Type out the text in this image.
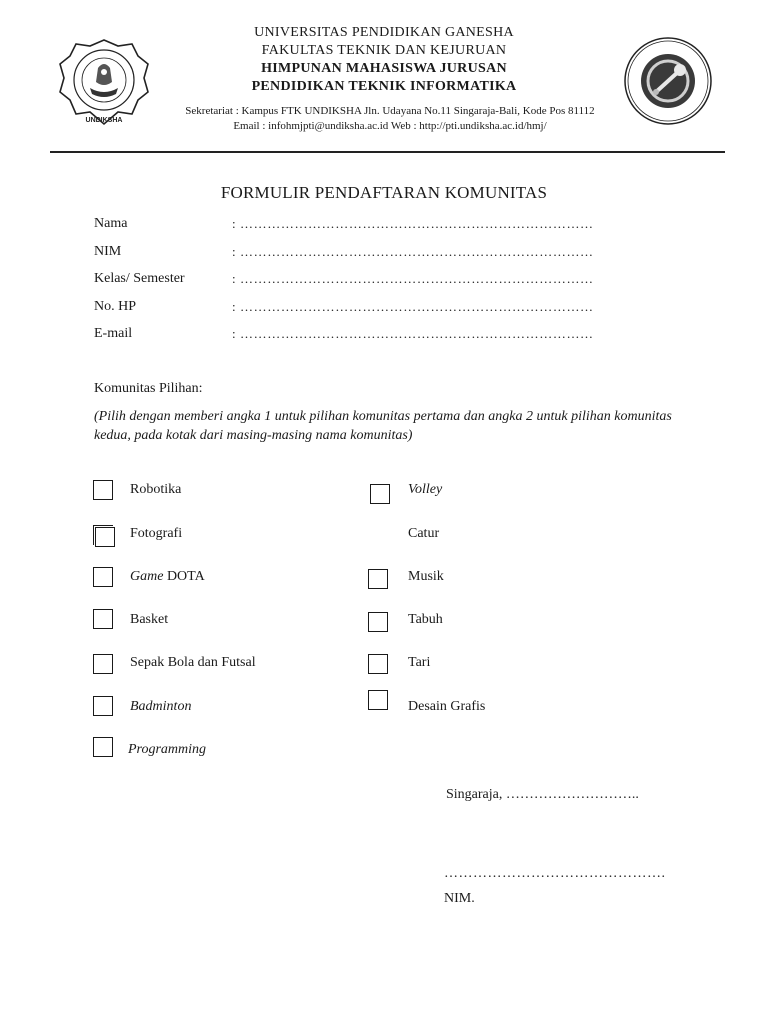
UNDIKSHA
UNIVERSITAS PENDIDIKAN GANESHA
FAKULTAS TEKNIK DAN KEJURUAN
HIMPUNAN MAHASISWA JURUSAN
PENDIDIKAN TEKNIK INFORMATIKA
Sekretariat : Kampus FTK UNDIKSHA Jln. Udayana No.11 Singaraja-Bali, Kode Pos 81112
Email : infohmjpti@undiksha.ac.id Web : http://pti.undiksha.ac.id/hmj/
FORMULIR PENDAFTARAN KOMUNITAS
Nama	: ……………………………………………………………………
NIM	: ……………………………………………………………………
Kelas/ Semester	: ……………………………………………………………………
No. HP	: ……………………………………………………………………
E-mail	: ……………………………………………………………………
Komunitas Pilihan:
(Pilih dengan memberi angka 1 untuk pilihan komunitas pertama dan angka 2 untuk pilihan komunitas kedua, pada kotak dari masing-masing nama komunitas)
Robotika
Fotografi
Game DOTA
Basket
Sepak Bola dan Futsal
Badminton
Programming
Volley
Catur
Musik
Tabuh
Tari
Desain Grafis
Singaraja, ………………………..
……………………………………….
NIM.
